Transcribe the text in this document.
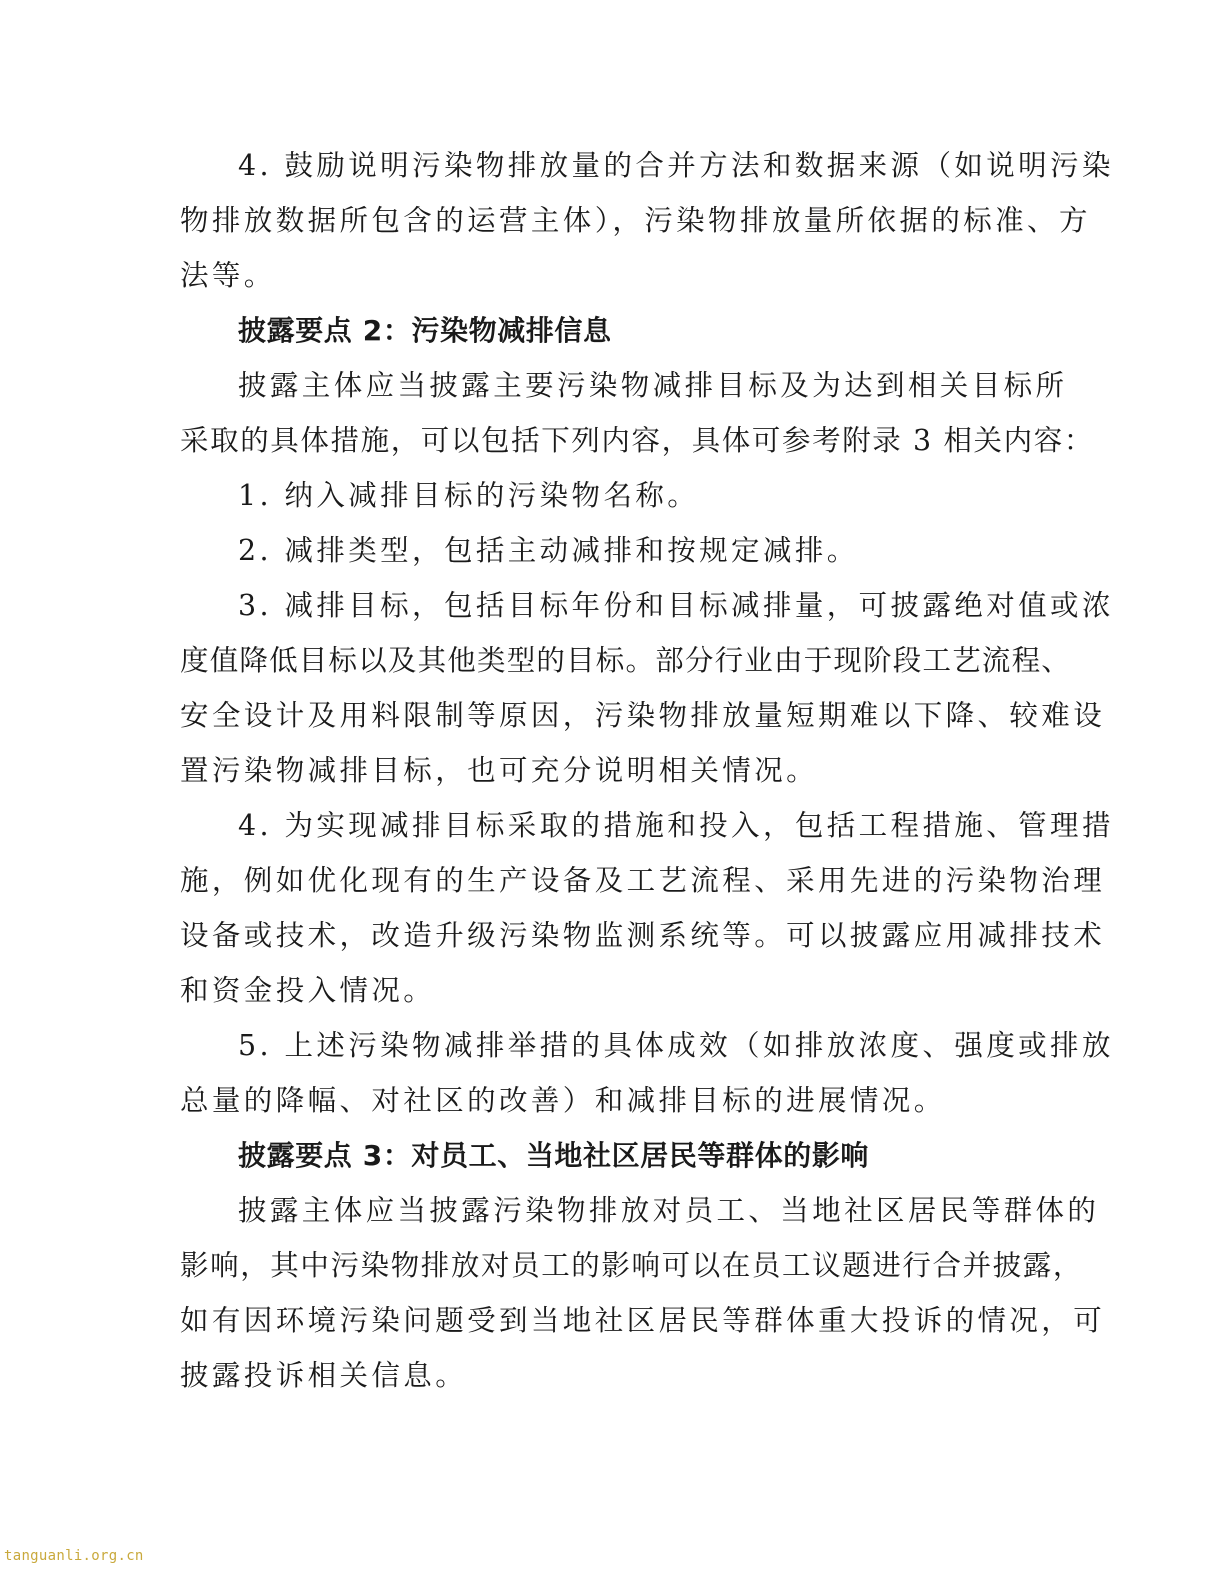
4. 鼓励说明污染物排放量的合并方法和数据来源（如说明污染
物排放数据所包含的运营主体），污染物排放量所依据的标准、方
法等。
披露要点 2：污染物减排信息
披露主体应当披露主要污染物减排目标及为达到相关目标所
采取的具体措施，可以包括下列内容，具体可参考附录 3 相关内容：
1. 纳入减排目标的污染物名称。
2. 减排类型，包括主动减排和按规定减排。
3. 减排目标，包括目标年份和目标减排量，可披露绝对值或浓
度值降低目标以及其他类型的目标。部分行业由于现阶段工艺流程、
安全设计及用料限制等原因，污染物排放量短期难以下降、较难设
置污染物减排目标，也可充分说明相关情况。
4. 为实现减排目标采取的措施和投入，包括工程措施、管理措
施，例如优化现有的生产设备及工艺流程、采用先进的污染物治理
设备或技术，改造升级污染物监测系统等。可以披露应用减排技术
和资金投入情况。
5. 上述污染物减排举措的具体成效（如排放浓度、强度或排放
总量的降幅、对社区的改善）和减排目标的进展情况。
披露要点 3：对员工、当地社区居民等群体的影响
披露主体应当披露污染物排放对员工、当地社区居民等群体的
影响，其中污染物排放对员工的影响可以在员工议题进行合并披露，
如有因环境污染问题受到当地社区居民等群体重大投诉的情况，可
披露投诉相关信息。
tanguanli.org.cn
